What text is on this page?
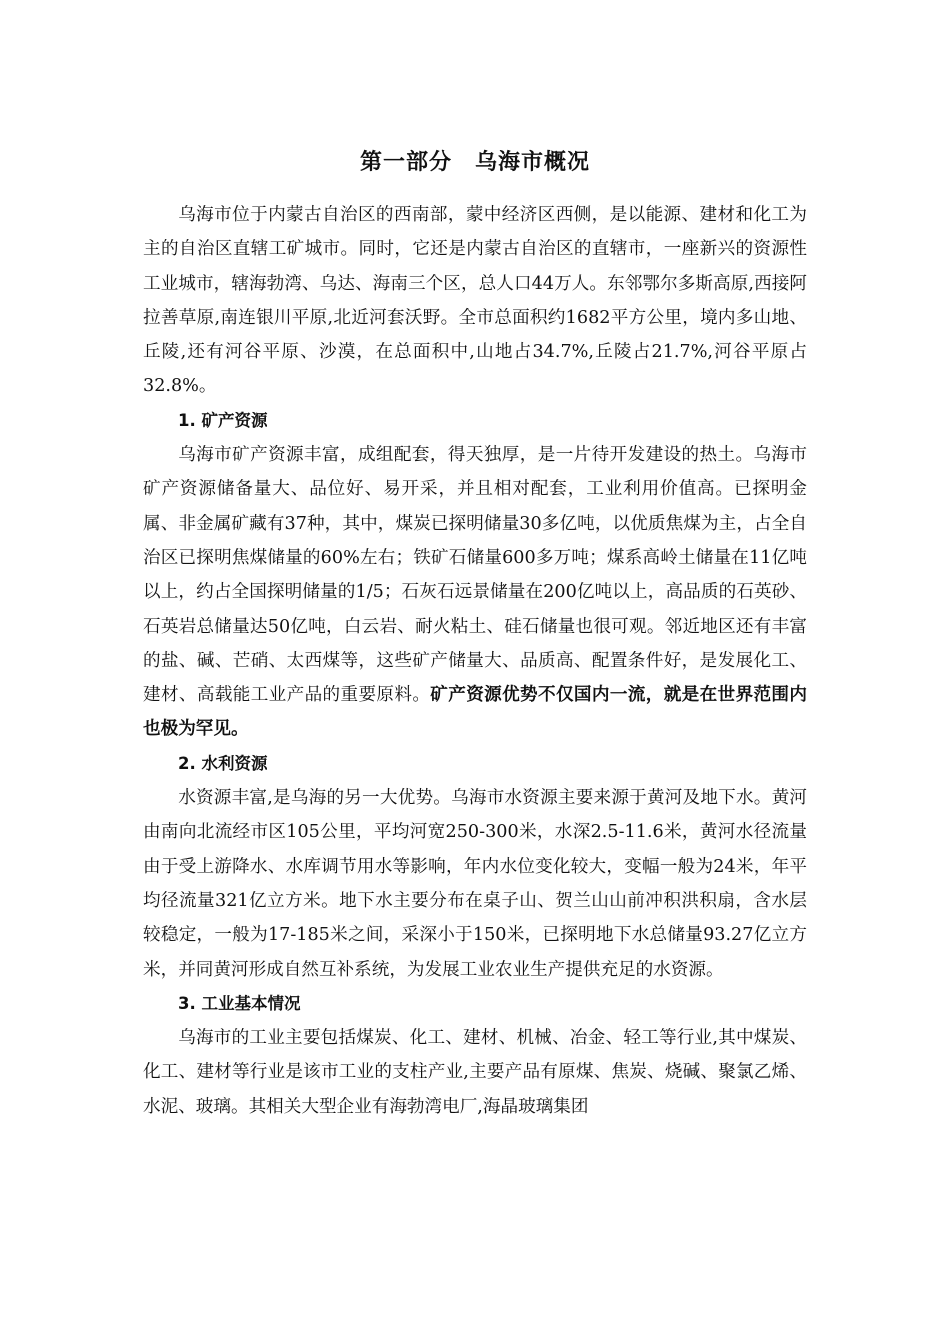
第一部分　乌海市概况

乌海市位于内蒙古自治区的西南部，蒙中经济区西侧，是以能源、建材和化工为主的自治区直辖工矿城市。同时，它还是内蒙古自治区的直辖市，一座新兴的资源性工业城市，辖海勃湾、乌达、海南三个区，总人口44万人。东邻鄂尔多斯高原,西接阿拉善草原,南连银川平原,北近河套沃野。全市总面积约1682平方公里，境内多山地、丘陵,还有河谷平原、沙漠，在总面积中,山地占34.7%,丘陵占21.7%,河谷平原占32.8%。

1. 矿产资源

乌海市矿产资源丰富，成组配套，得天独厚，是一片待开发建设的热土。乌海市矿产资源储备量大、品位好、易开采，并且相对配套，工业利用价值高。已探明金属、非金属矿藏有37种，其中，煤炭已探明储量30多亿吨，以优质焦煤为主，占全自治区已探明焦煤储量的60%左右；铁矿石储量600多万吨；煤系高岭土储量在11亿吨以上，约占全国探明储量的1/5；石灰石远景储量在200亿吨以上，高品质的石英砂、石英岩总储量达50亿吨，白云岩、耐火粘土、硅石储量也很可观。邻近地区还有丰富的盐、碱、芒硝、太西煤等，这些矿产储量大、品质高、配置条件好，是发展化工、建材、高载能工业产品的重要原料。矿产资源优势不仅国内一流，就是在世界范围内也极为罕见。

2. 水利资源

水资源丰富,是乌海的另一大优势。乌海市水资源主要来源于黄河及地下水。黄河由南向北流经市区105公里，平均河宽250-300米，水深2.5-11.6米，黄河水径流量由于受上游降水、水库调节用水等影响，年内水位变化较大，变幅一般为24米，年平均径流量321亿立方米。地下水主要分布在桌子山、贺兰山山前冲积洪积扇，含水层较稳定，一般为17-185米之间，采深小于150米，已探明地下水总储量93.27亿立方米，并同黄河形成自然互补系统，为发展工业农业生产提供充足的水资源。

3. 工业基本情况

乌海市的工业主要包括煤炭、化工、建材、机械、冶金、轻工等行业,其中煤炭、化工、建材等行业是该市工业的支柱产业,主要产品有原煤、焦炭、烧碱、聚氯乙烯、水泥、玻璃。其相关大型企业有海勃湾电厂,海晶玻璃集团
